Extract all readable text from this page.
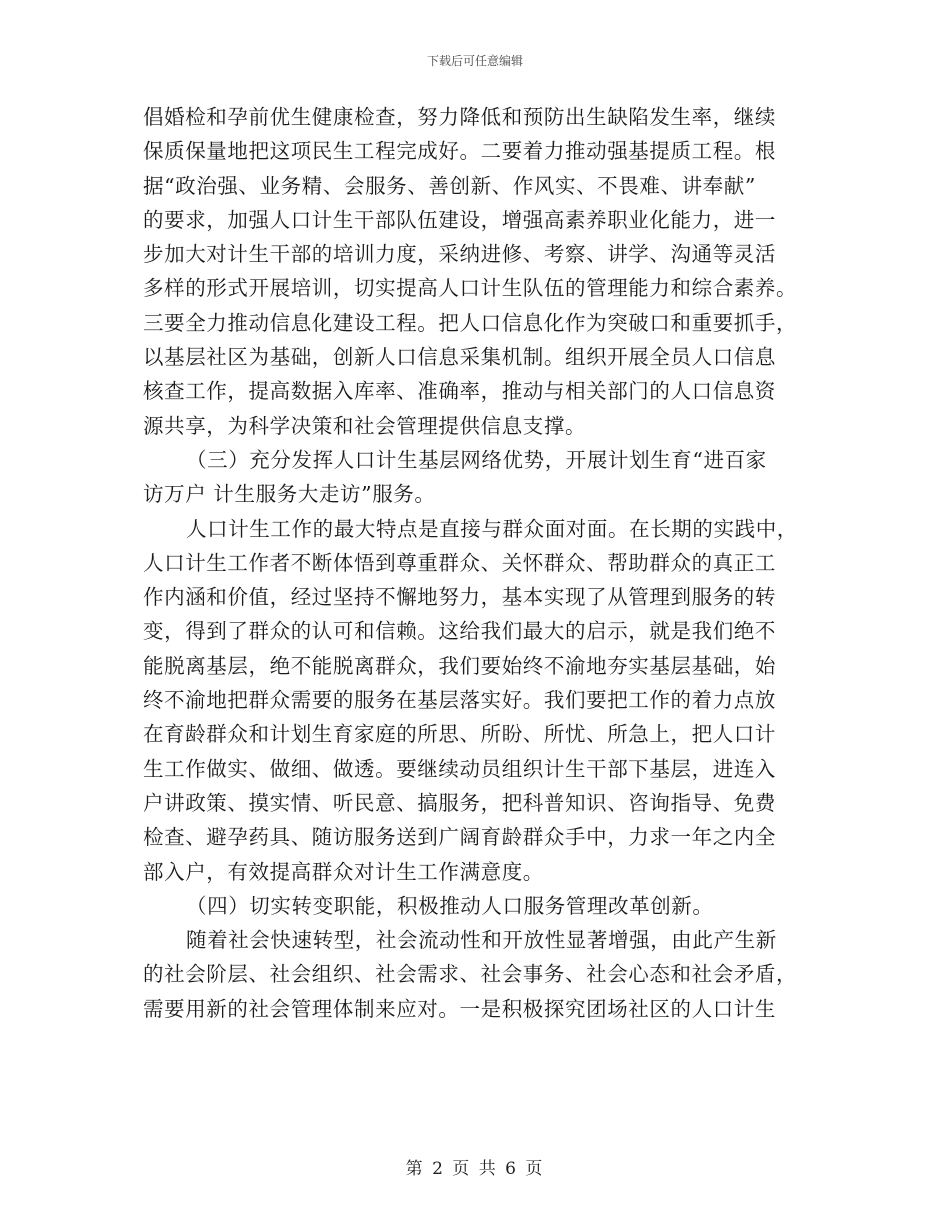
下载后可任意编辑
倡婚检和孕前优生健康检查，努力降低和预防出生缺陷发生率，继续
保质保量地把这项民生工程完成好。二要着力推动强基提质工程。根
据“政治强、业务精、会服务、善创新、作风实、不畏难、讲奉献”
的要求，加强人口计生干部队伍建设，增强高素养职业化能力，进一
步加大对计生干部的培训力度，采纳进修、考察、讲学、沟通等灵活
多样的形式开展培训，切实提高人口计生队伍的管理能力和综合素养。
三要全力推动信息化建设工程。把人口信息化作为突破口和重要抓手，
以基层社区为基础，创新人口信息采集机制。组织开展全员人口信息
核查工作，提高数据入库率、准确率，推动与相关部门的人口信息资
源共享，为科学决策和社会管理提供信息支撑。
（三）充分发挥人口计生基层网络优势，开展计划生育“进百家
访万户 计生服务大走访”服务。
人口计生工作的最大特点是直接与群众面对面。在长期的实践中，
人口计生工作者不断体悟到尊重群众、关怀群众、帮助群众的真正工
作内涵和价值，经过坚持不懈地努力，基本实现了从管理到服务的转
变，得到了群众的认可和信赖。这给我们最大的启示，就是我们绝不
能脱离基层，绝不能脱离群众，我们要始终不渝地夯实基层基础，始
终不渝地把群众需要的服务在基层落实好。我们要把工作的着力点放
在育龄群众和计划生育家庭的所思、所盼、所忧、所急上，把人口计
生工作做实、做细、做透。要继续动员组织计生干部下基层，进连入
户讲政策、摸实情、听民意、搞服务，把科普知识、咨询指导、免费
检查、避孕药具、随访服务送到广阔育龄群众手中，力求一年之内全
部入户，有效提高群众对计生工作满意度。
（四）切实转变职能，积极推动人口服务管理改革创新。
随着社会快速转型，社会流动性和开放性显著增强，由此产生新
的社会阶层、社会组织、社会需求、社会事务、社会心态和社会矛盾，
需要用新的社会管理体制来应对。一是积极探究团场社区的人口计生
第 2 页 共 6 页
